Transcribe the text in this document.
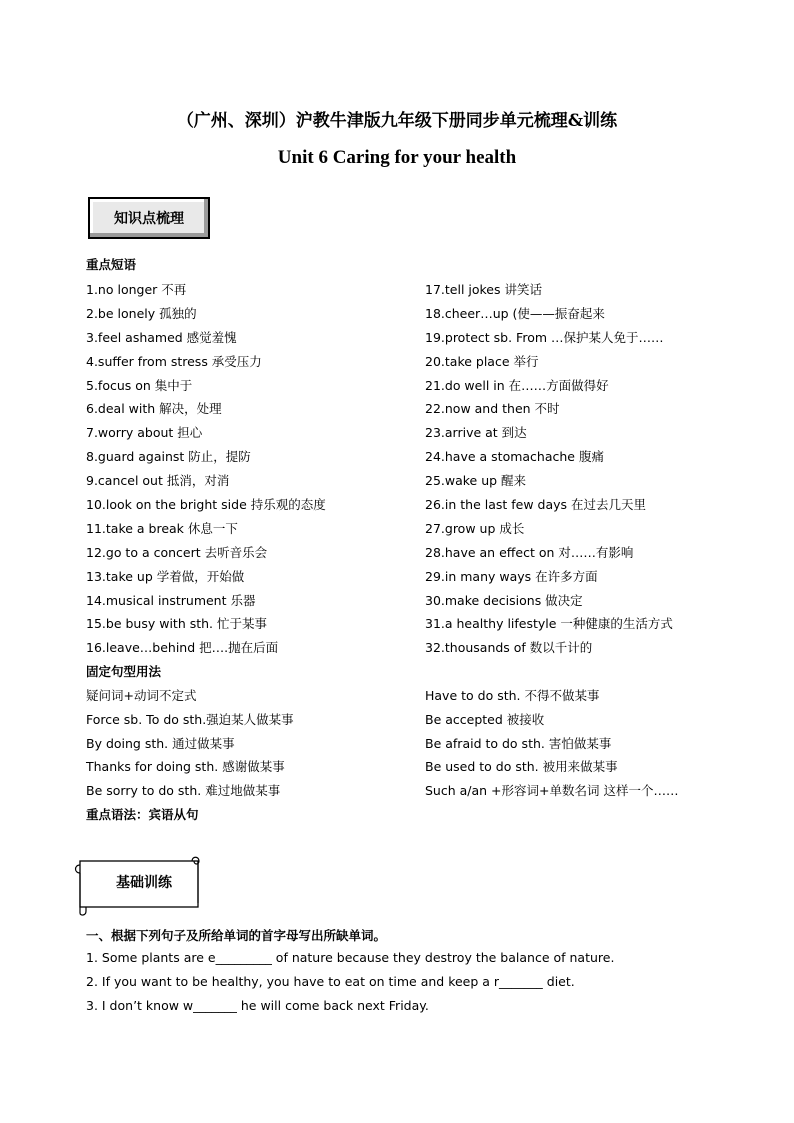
（广州、深圳）沪教牛津版九年级下册同步单元梳理&训练
Unit 6 Caring for your health
知识点梳理
重点短语
1.no longer 不再
2.be lonely 孤独的
3.feel ashamed 感觉羞愧
4.suffer from stress 承受压力
5.focus on 集中于
6.deal with 解决，处理
7.worry about 担心
8.guard against 防止，提防
9.cancel out 抵消，对消
10.look on the bright side 持乐观的态度
11.take a break 休息一下
12.go to a concert 去听音乐会
13.take up 学着做，开始做
14.musical instrument 乐器
15.be busy with sth. 忙于某事
16.leave…behind 把….抛在后面
17.tell jokes 讲笑话
18.cheer…up (使——振奋起来
19.protect sb. From …保护某人免于……
20.take place 举行
21.do well in 在……方面做得好
22.now and then 不时
23.arrive at 到达
24.have a stomachache 腹痛
25.wake up 醒来
26.in the last few days 在过去几天里
27.grow up 成长
28.have an effect on 对……有影响
29.in many ways 在许多方面
30.make decisions 做决定
31.a healthy lifestyle 一种健康的生活方式
32.thousands of 数以千计的
固定句型用法
疑问词+动词不定式
Force sb. To do sth.强迫某人做某事
By doing sth. 通过做某事
Thanks for doing sth. 感谢做某事
Be sorry to do sth. 难过地做某事
Have to do sth. 不得不做某事
Be accepted 被接收
Be afraid to do sth. 害怕做某事
Be used to do sth. 被用来做某事
Such a/an +形容词+单数名词 这样一个……
重点语法：宾语从句
基础训练
一、根据下列句子及所给单词的首字母写出所缺单词。
1. Some plants are e_________ of nature because they destroy the balance of nature.
2. If you want to be healthy, you have to eat on time and keep a r_______ diet.
3. I don’t know w_______ he will come back next Friday.
